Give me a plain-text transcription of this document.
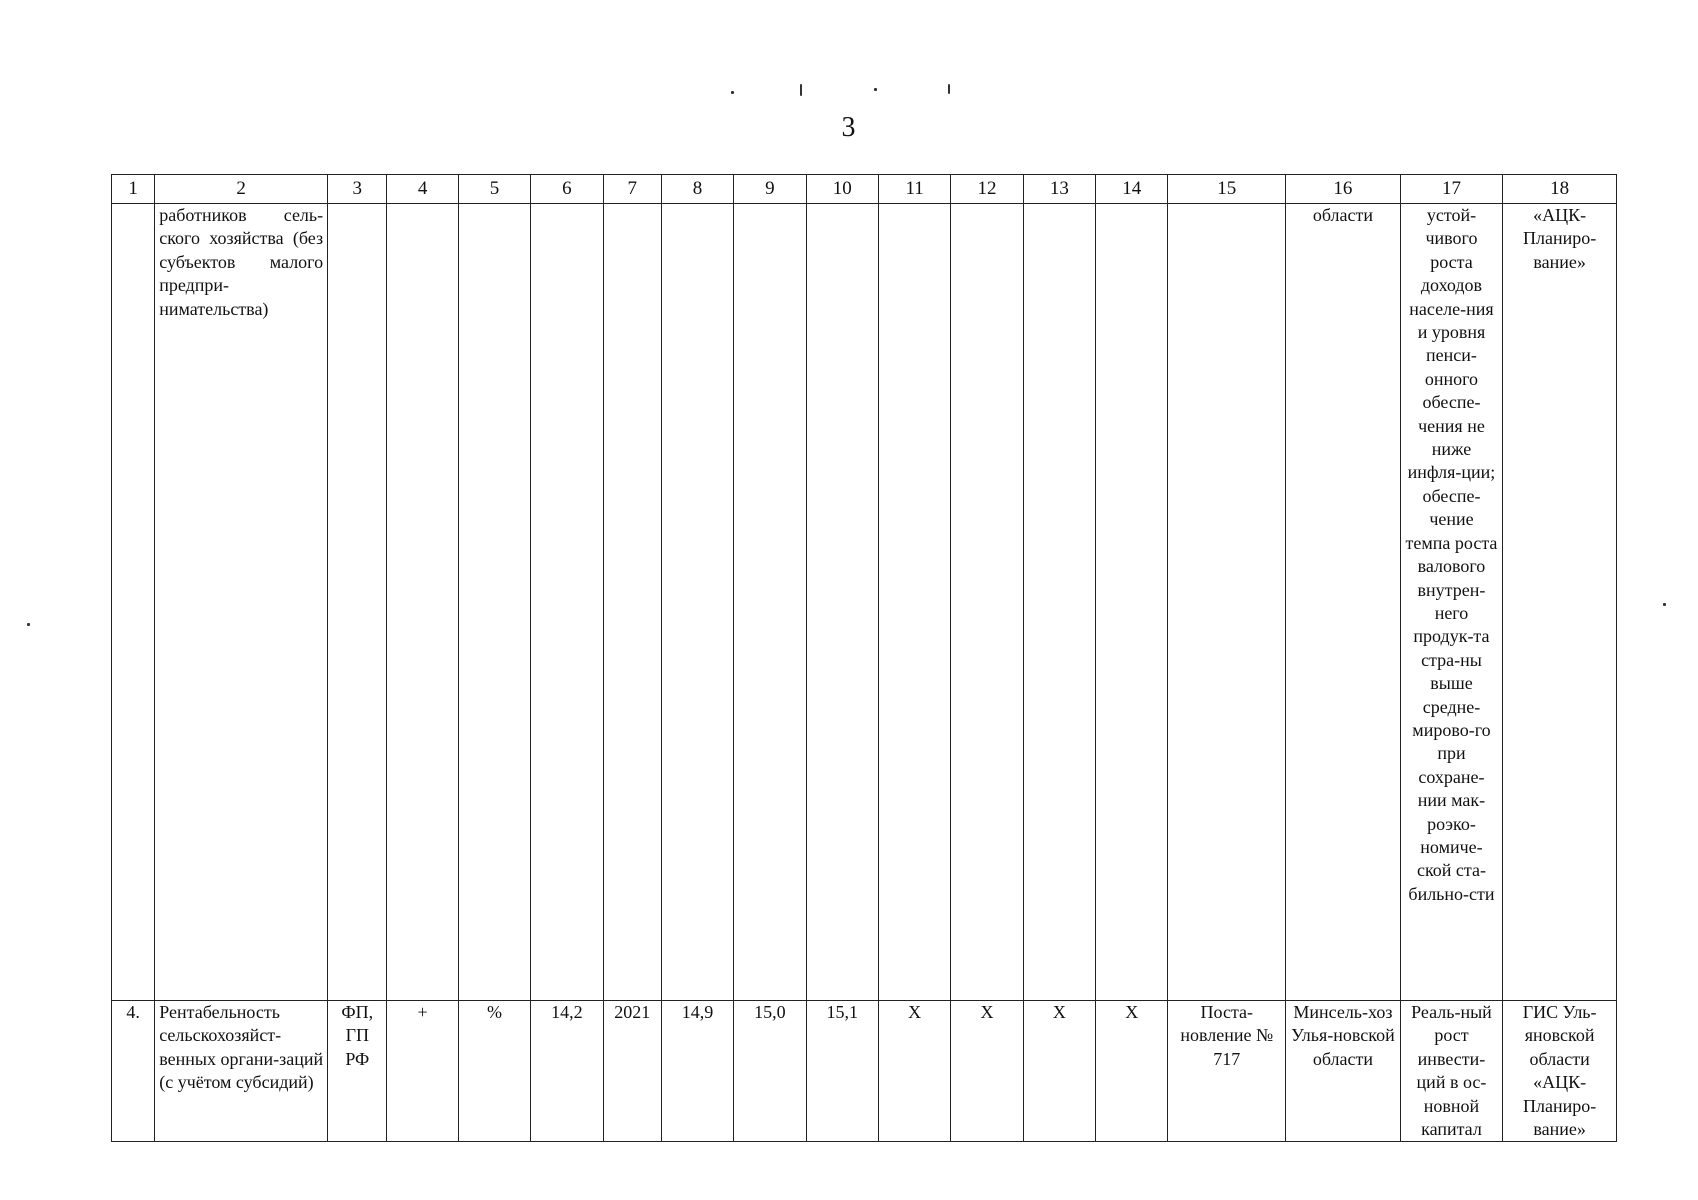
3
1	2	3	4	5	6	7	8	9	10	11	12	13	14	15	16	17	18
	работников сель-ского хозяйства (без субъектов малого предпри-нимательства)														области	устой-чивого роста доходов населе-ния и уровня пенси-онного обеспе-чения не ниже инфля-ции; обеспе-чение темпа роста валового внутрен-него продук-та стра-ны выше средне-мирово-го при сохране-нии мак-роэко-номиче-ской ста-бильно-сти	«АЦК-Планиро-вание»
4.	Рентабельность сельскохозяйст-венных органи-заций (с учётом субсидий)	ФП, ГП РФ	+	%	14,2	2021	14,9	15,0	15,1	X	X	X	X	Поста-новление № 717	Минсель-хоз Улья-новской области	Реаль-ный рост инвести-ций в ос-новной капитал	ГИС Уль-яновской области «АЦК-Планиро-вание»
